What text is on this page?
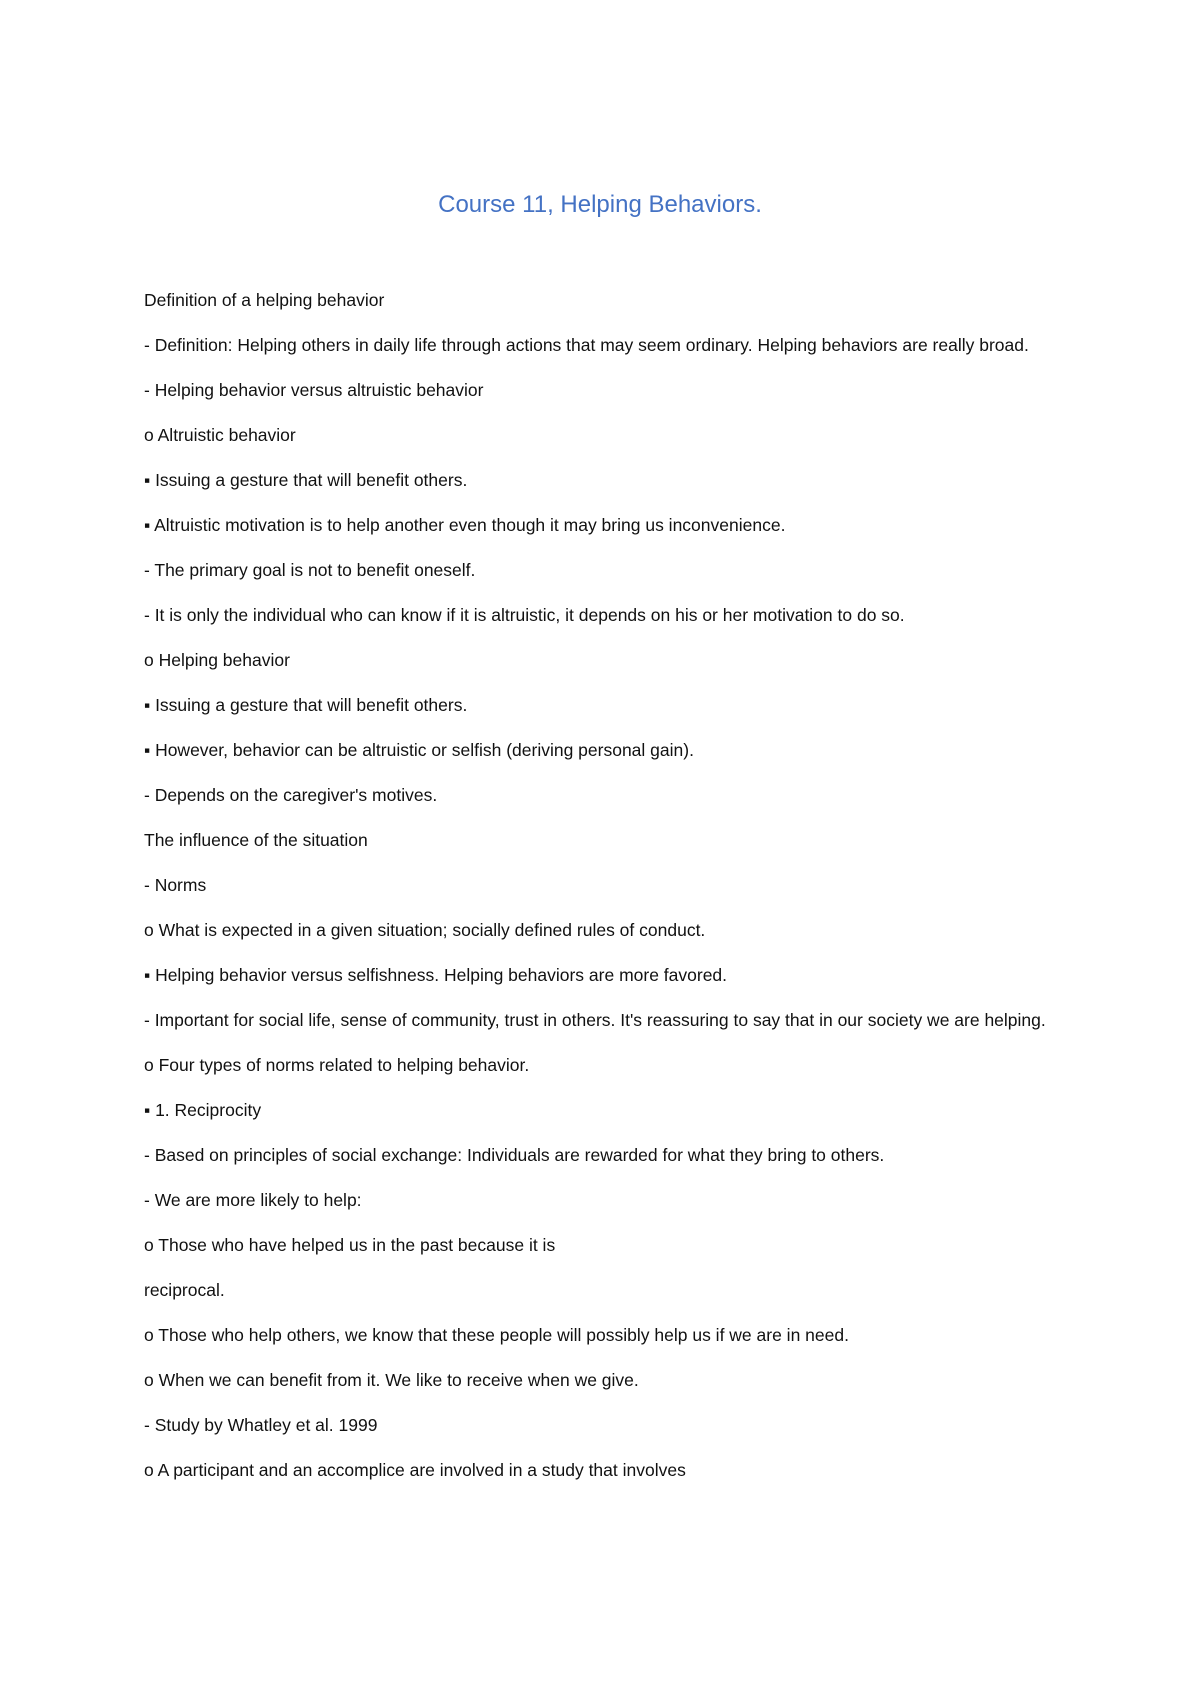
Course 11, Helping Behaviors.

Definition of a helping behavior

- Definition: Helping others in daily life through actions that may seem ordinary. Helping behaviors are really broad.

- Helping behavior versus altruistic behavior

o Altruistic behavior

▪ Issuing a gesture that will benefit others.

▪ Altruistic motivation is to help another even though it may bring us inconvenience.

- The primary goal is not to benefit oneself.

- It is only the individual who can know if it is altruistic, it depends on his or her motivation to do so.

o Helping behavior

▪ Issuing a gesture that will benefit others.

▪ However, behavior can be altruistic or selfish (deriving personal gain).

- Depends on the caregiver's motives.

The influence of the situation

- Norms

o What is expected in a given situation; socially defined rules of conduct.

▪ Helping behavior versus selfishness. Helping behaviors are more favored.

- Important for social life, sense of community, trust in others. It's reassuring to say that in our society we are helping.

o Four types of norms related to helping behavior.

▪ 1. Reciprocity

- Based on principles of social exchange: Individuals are rewarded for what they bring to others.

- We are more likely to help:

o Those who have helped us in the past because it is

reciprocal.

o Those who help others, we know that these people will possibly help us if we are in need.

o When we can benefit from it. We like to receive when we give.

- Study by Whatley et al. 1999

o A participant and an accomplice are involved in a study that involves
